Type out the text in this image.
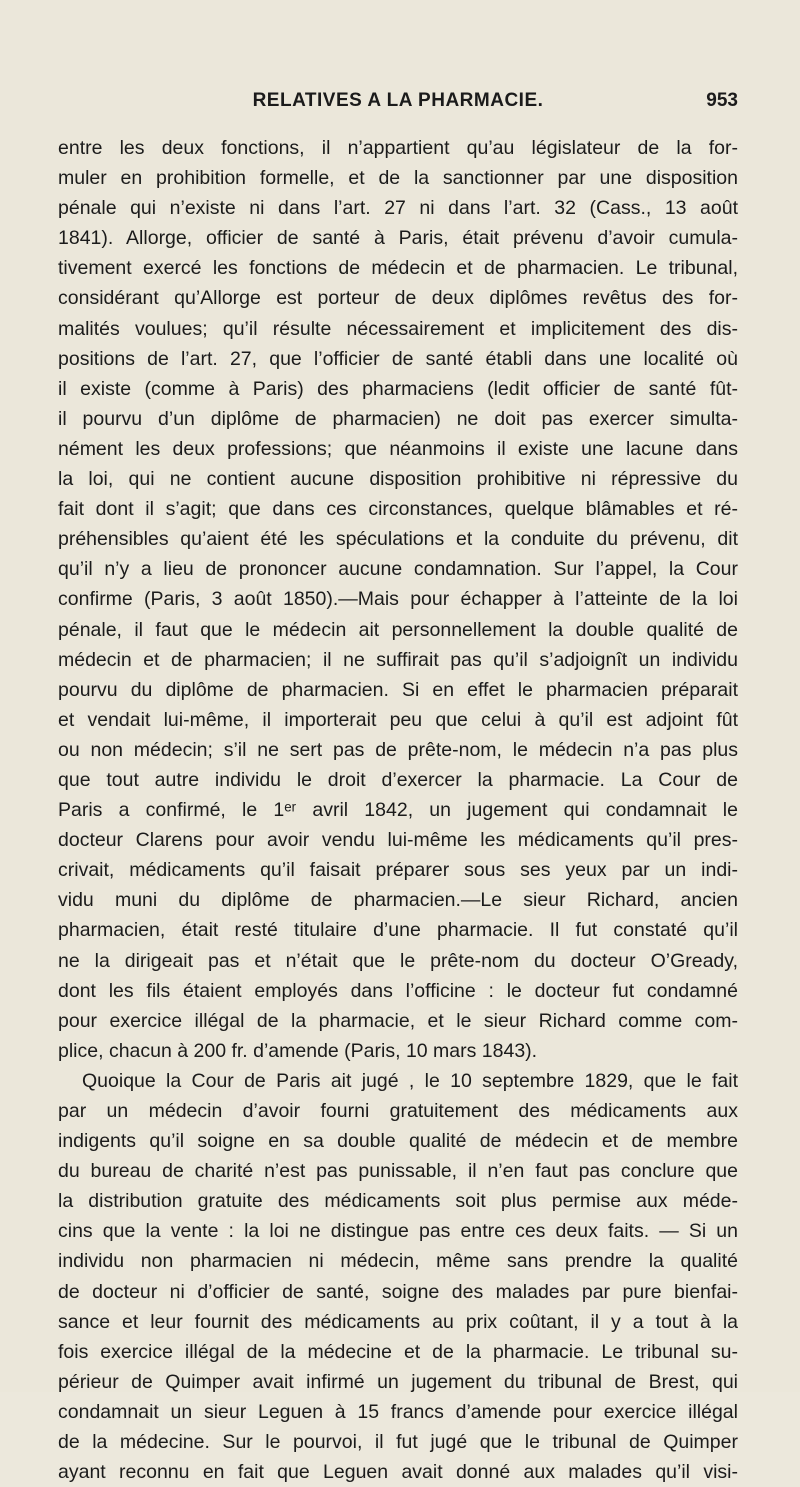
RELATIVES A LA PHARMACIE.	953
entre les deux fonctions, il n’appartient qu’au législateur de la for-
muler en prohibition formelle, et de la sanctionner par une disposition
pénale qui n’existe ni dans l’art. 27 ni dans l’art. 32 (Cass., 13 août
1841). Allorge, officier de santé à Paris, était prévenu d’avoir cumula-
tivement exercé les fonctions de médecin et de pharmacien. Le tribunal,
considérant qu’Allorge est porteur de deux diplômes revêtus des for-
malités voulues; qu’il résulte nécessairement et implicitement des dis-
positions de l’art. 27, que l’officier de santé établi dans une localité où
il existe (comme à Paris) des pharmaciens (ledit officier de santé fût-
il pourvu d’un diplôme de pharmacien) ne doit pas exercer simulta-
nément les deux professions; que néanmoins il existe une lacune dans
la loi, qui ne contient aucune disposition prohibitive ni répressive du
fait dont il s’agit; que dans ces circonstances, quelque blâmables et ré-
préhensibles qu’aient été les spéculations et la conduite du prévenu, dit
qu’il n’y a lieu de prononcer aucune condamnation. Sur l’appel, la Cour
confirme (Paris, 3 août 1850).—Mais pour échapper à l’atteinte de la loi
pénale, il faut que le médecin ait personnellement la double qualité de
médecin et de pharmacien; il ne suffirait pas qu’il s’adjoignît un individu
pourvu du diplôme de pharmacien. Si en effet le pharmacien préparait
et vendait lui-même, il importerait peu que celui à qu’il est adjoint fût
ou non médecin; s’il ne sert pas de prête-nom, le médecin n’a pas plus
que tout autre individu le droit d’exercer la pharmacie. La Cour de
Paris a confirmé, le 1ᵉʳ avril 1842, un jugement qui condamnait le
docteur Clarens pour avoir vendu lui-même les médicaments qu’il pres-
crivait, médicaments qu’il faisait préparer sous ses yeux par un indi-
vidu muni du diplôme de pharmacien.—Le sieur Richard, ancien
pharmacien, était resté titulaire d’une pharmacie. Il fut constaté qu’il
ne la dirigeait pas et n’était que le prête-nom du docteur O’Gready,
dont les fils étaient employés dans l’officine : le docteur fut condamné
pour exercice illégal de la pharmacie, et le sieur Richard comme com-
plice, chacun à 200 fr. d’amende (Paris, 10 mars 1843).
Quoique la Cour de Paris ait jugé , le 10 septembre 1829, que le fait
par un médecin d’avoir fourni gratuitement des médicaments aux
indigents qu’il soigne en sa double qualité de médecin et de membre
du bureau de charité n’est pas punissable, il n’en faut pas conclure que
la distribution gratuite des médicaments soit plus permise aux méde-
cins que la vente : la loi ne distingue pas entre ces deux faits. — Si un
individu non pharmacien ni médecin, même sans prendre la qualité
de docteur ni d’officier de santé, soigne des malades par pure bienfai-
sance et leur fournit des médicaments au prix coûtant, il y a tout à la
fois exercice illégal de la médecine et de la pharmacie. Le tribunal su-
périeur de Quimper avait infirmé un jugement du tribunal de Brest, qui
condamnait un sieur Leguen à 15 francs d’amende pour exercice illégal
de la médecine. Sur le pourvoi, il fut jugé que le tribunal de Quimper
ayant reconnu en fait que Leguen avait donné aux malades qu’il visi-
